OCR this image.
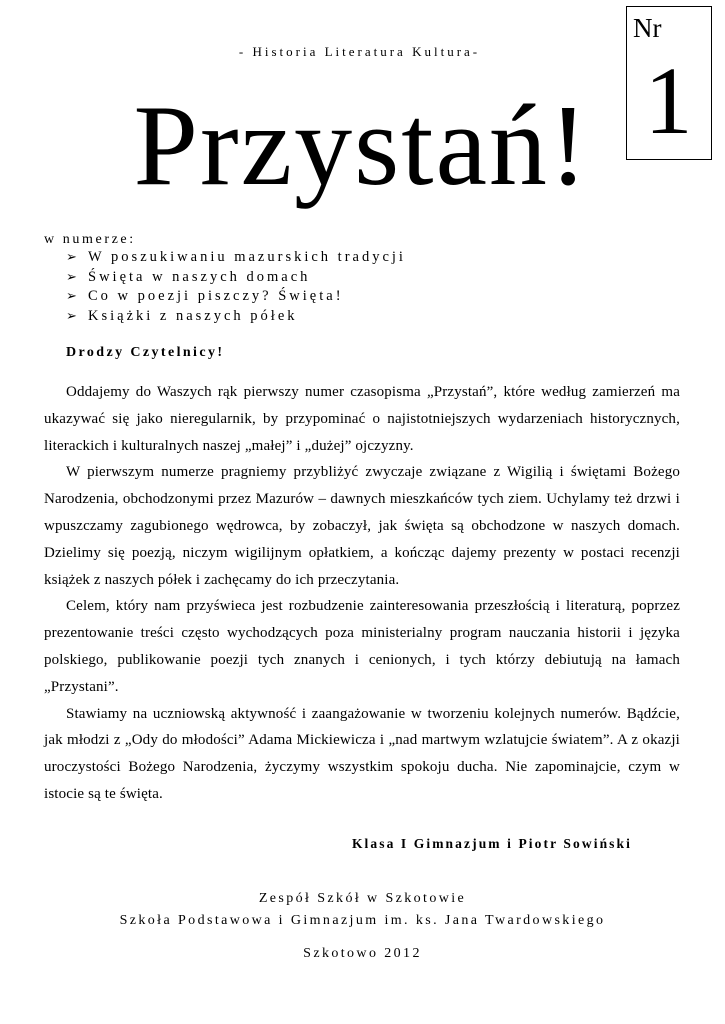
- Historia Literatura Kultura-
Przystań!
Nr
1
w numerze:
➢ W poszukiwaniu mazurskich tradycji
➢ Święta w naszych domach
➢ Co w poezji piszczy? Święta!
➢ Książki z naszych półek
Drodzy Czytelnicy!

Oddajemy do Waszych rąk pierwszy numer czasopisma „Przystań”, które według zamierzeń ma ukazywać się jako nieregularnik, by przypominać o najistotniejszych wydarzeniach historycznych, literackich i kulturalnych naszej „małej” i „dużej” ojczyzny.

W pierwszym numerze pragniemy przybliżyć zwyczaje związane z Wigilią i świętami Bożego Narodzenia, obchodzonymi przez Mazurów – dawnych mieszkańców tych ziem. Uchylamy też drzwi i wpuszczamy zagubionego wędrowca, by zobaczył, jak święta są obchodzone w naszych domach. Dzielimy się poezją, niczym wigilijnym opłatkiem, a kończąc dajemy prezenty w postaci recenzji książek z naszych półek i zachęcamy do ich przeczytania.

Celem, który nam przyświeca jest rozbudzenie zainteresowania przeszłością i literaturą, poprzez prezentowanie treści często wychodzących poza ministerialny program nauczania historii i języka polskiego, publikowanie poezji tych znanych i cenionych, i tych którzy debiutują na łamach „Przystani”.

Stawiamy na uczniowską aktywność i zaangażowanie w tworzeniu kolejnych numerów. Bądźcie, jak młodzi z „Ody do młodości” Adama Mickiewicza i „nad martwym wzlatujcie światem”. A z okazji uroczystości Bożego Narodzenia, życzymy wszystkim spokoju ducha. Nie zapominajcie, czym w istocie są te święta.

Klasa I Gimnazjum i Piotr Sowiński
Zespół Szkół w Szkotowie
Szkoła Podstawowa i Gimnazjum im. ks. Jana Twardowskiego
Szkotowo 2012
